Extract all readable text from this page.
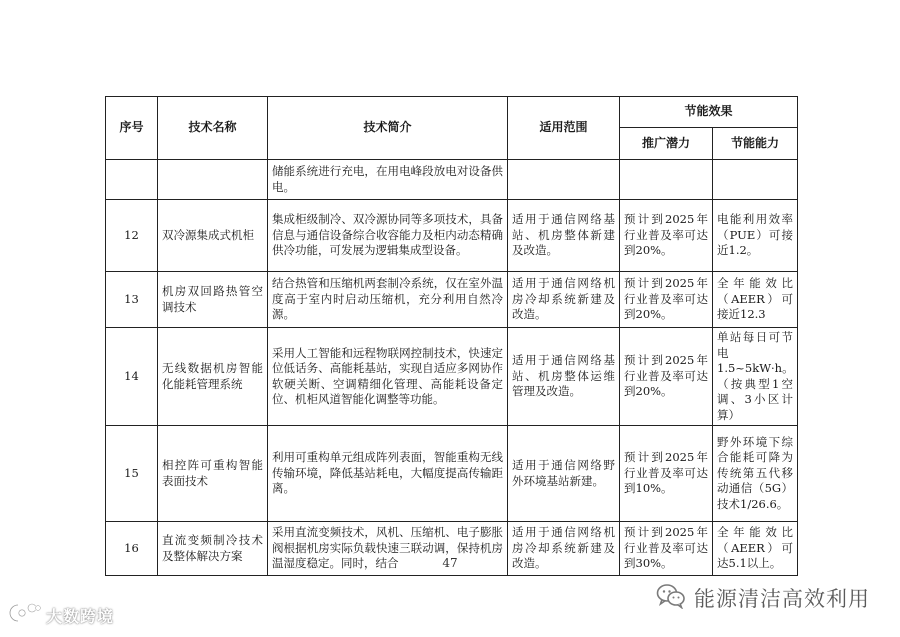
序号	技术名称	技术简介	适用范围	节能效果	
				推广潜力	节能能力
		储能系统进行充电，在用电峰段放电对设备供电。			
12	双冷源集成式机柜	集成柜级制冷、双冷源协同等多项技术，具备信息与通信设备综合收容能力及柜内动态精确供冷功能，可发展为逻辑集成型设备。	适用于通信网络基站、机房整体新建及改造。	预计到2025年行业普及率可达到20%。	电能利用效率（PUE）可接近1.2。
13	机房双回路热管空调技术	结合热管和压缩机两套制冷系统，仅在室外温度高于室内时启动压缩机，充分利用自然冷源。	适用于通信网络机房冷却系统新建及改造。	预计到2025年行业普及率可达到20%。	全年能效比（AEER）可接近12.3
14	无线数据机房智能化能耗管理系统	采用人工智能和远程物联网控制技术，快速定位低话务、高能耗基站，实现自适应多网协作软硬关断、空调精细化管理、高能耗设备定位、机柜风道智能化调整等功能。	适用于通信网络基站、机房整体运维管理及改造。	预计到2025年行业普及率可达到20%。	单站每日可节电1.5~5kW·h。（按典型1空调、3小区计算）
15	相控阵可重构智能表面技术	利用可重构单元组成阵列表面，智能重构无线传输环境，降低基站耗电，大幅度提高传输距离。	适用于通信网络野外环境基站新建。	预计到2025年行业普及率可达到10%。	野外环境下综合能耗可降为传统第五代移动通信（5G）技术1/26.6。
16	直流变频制冷技术及整体解决方案	采用直流变频技术，风机、压缩机、电子膨胀阀根据机房实际负载快速三联动调，保持机房温湿度稳定。同时，结合	适用于通信网络机房冷却系统新建及改造。	预计到2025年行业普及率可达到30%。	全年能效比（AEER）可达5.1以上。
47
能源清洁高效利用
大数跨境
